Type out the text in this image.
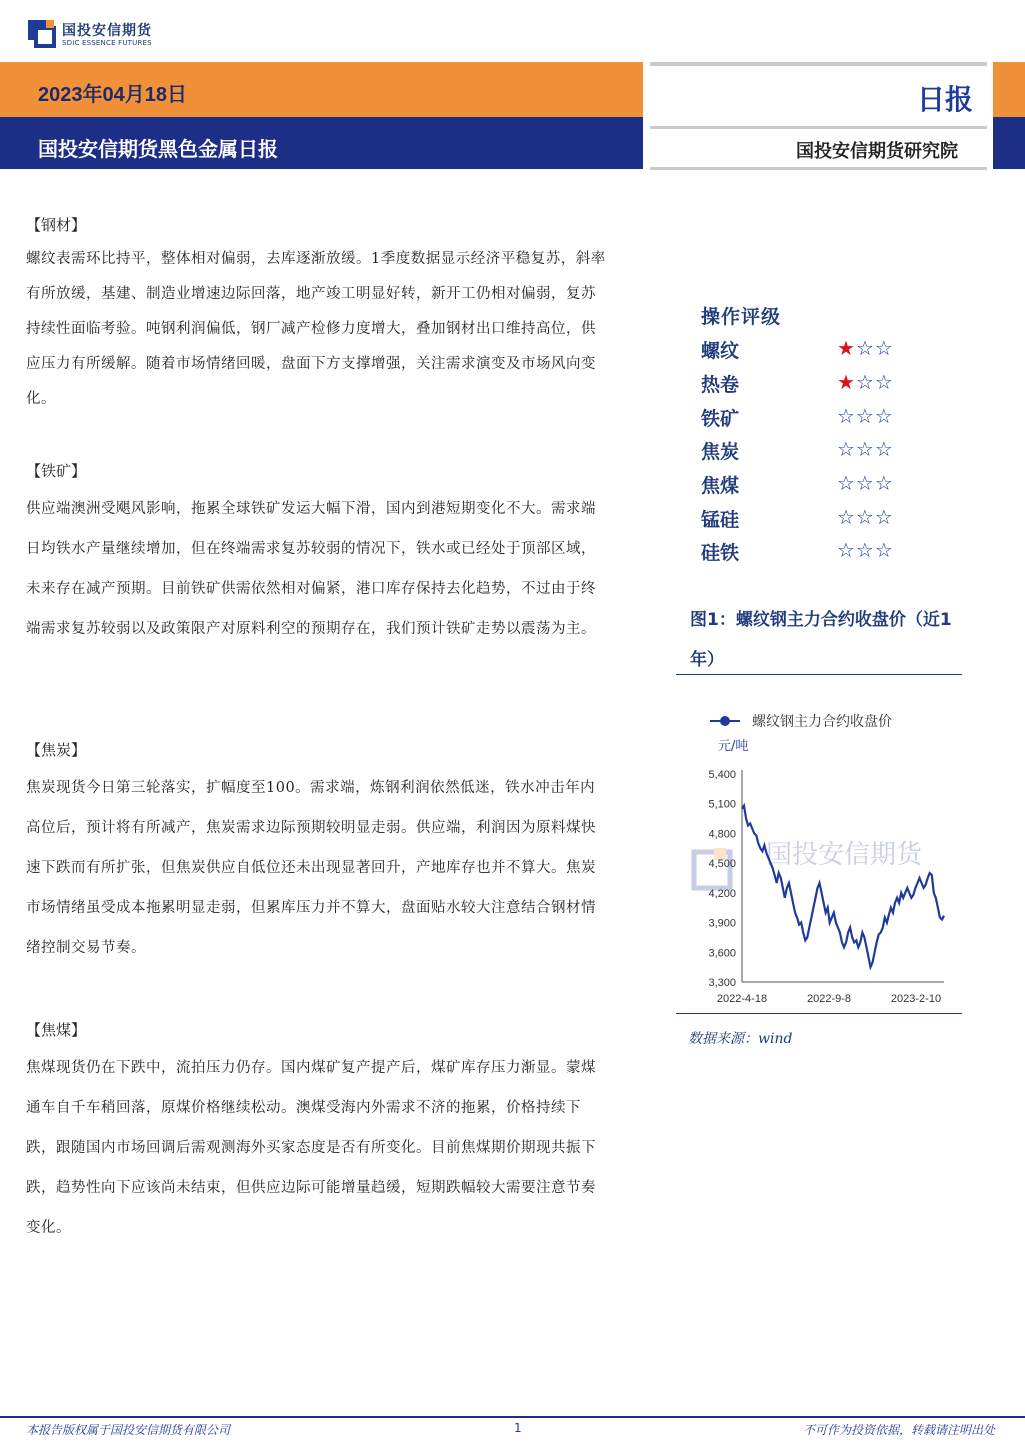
国投安信期货
SDIC ESSENCE FUTURES
2023年04月18日
国投安信期货黑色金属日报
日报
国投安信期货研究院
【钢材】
螺纹表需环比持平，整体相对偏弱，去库逐渐放缓。1季度数据显示经济平稳复苏，斜率有所放缓，基建、制造业增速边际回落，地产竣工明显好转，新开工仍相对偏弱，复苏持续性面临考验。吨钢利润偏低，钢厂减产检修力度增大，叠加钢材出口维持高位，供应压力有所缓解。随着市场情绪回暖，盘面下方支撑增强，关注需求演变及市场风向变化。
【铁矿】
供应端澳洲受飓风影响，拖累全球铁矿发运大幅下滑，国内到港短期变化不大。需求端日均铁水产量继续增加，但在终端需求复苏较弱的情况下，铁水或已经处于顶部区域，未来存在减产预期。目前铁矿供需依然相对偏紧，港口库存保持去化趋势，不过由于终端需求复苏较弱以及政策限产对原料利空的预期存在，我们预计铁矿走势以震荡为主。
【焦炭】
焦炭现货今日第三轮落实，扩幅度至100。需求端，炼钢利润依然低迷，铁水冲击年内高位后，预计将有所减产，焦炭需求边际预期较明显走弱。供应端，利润因为原料煤快速下跌而有所扩张，但焦炭供应自低位还未出现显著回升，产地库存也并不算大。焦炭市场情绪虽受成本拖累明显走弱，但累库压力并不算大，盘面贴水较大注意结合钢材情绪控制交易节奏。
【焦煤】
焦煤现货仍在下跌中，流拍压力仍存。国内煤矿复产提产后，煤矿库存压力渐显。蒙煤通车自千车稍回落，原煤价格继续松动。澳煤受海内外需求不济的拖累，价格持续下跌，跟随国内市场回调后需观测海外买家态度是否有所变化。目前焦煤期价期现共振下跌，趋势性向下应该尚未结束，但供应边际可能增量趋缓，短期跌幅较大需要注意节奏变化。
操作评级
螺纹	★☆☆
热卷	★☆☆
铁矿	☆☆☆
焦炭	☆☆☆
焦煤	☆☆☆
锰硅	☆☆☆
硅铁	☆☆☆
图1：螺纹钢主力合约收盘价（近1年）
国投安信期货
螺纹钢主力合约收盘价
元/吨
5,400
5,100
4,800
4,500
4,200
3,900
3,600
3,300
2022-4-18	2022-9-8	2023-2-10
数据来源：wind
本报告版权属于国投安信期货有限公司	1	不可作为投资依据，转载请注明出处
